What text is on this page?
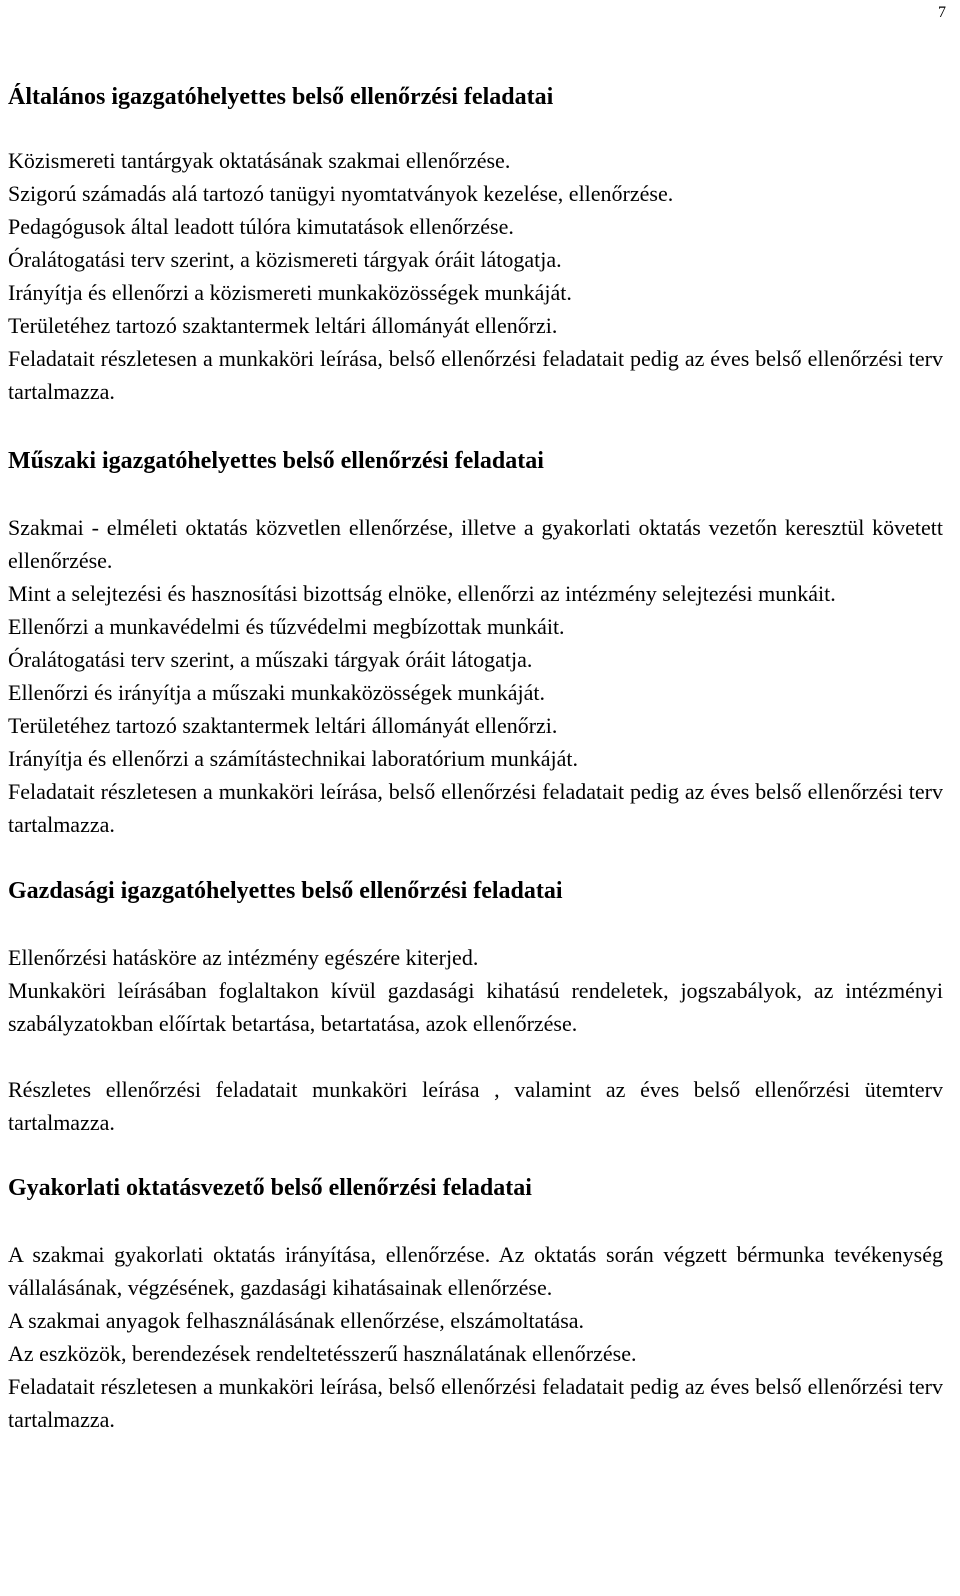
7
Általános igazgatóhelyettes belső ellenőrzési feladatai

Közismereti tantárgyak oktatásának szakmai ellenőrzése.

Szigorú számadás alá tartozó tanügyi nyomtatványok kezelése, ellenőrzése.

Pedagógusok által leadott túlóra kimutatások ellenőrzése.

Óralátogatási terv szerint, a közismereti tárgyak óráit látogatja.

Irányítja és ellenőrzi a közismereti munkaközösségek munkáját.

Területéhez tartozó szaktantermek leltári állományát ellenőrzi.

Feladatait részletesen a munkaköri leírása, belső ellenőrzési feladatait pedig az éves belső ellenőrzési terv tartalmazza.

Műszaki igazgatóhelyettes belső ellenőrzési feladatai

Szakmai - elméleti oktatás közvetlen ellenőrzése, illetve a gyakorlati oktatás vezetőn keresztül követett ellenőrzése.

Mint a selejtezési és hasznosítási bizottság elnöke, ellenőrzi az intézmény selejtezési munkáit.

Ellenőrzi a munkavédelmi és tűzvédelmi megbízottak munkáit.

Óralátogatási terv szerint, a műszaki tárgyak óráit látogatja.

Ellenőrzi és irányítja a műszaki munkaközösségek munkáját.

Területéhez tartozó szaktantermek leltári állományát ellenőrzi.

Irányítja és ellenőrzi a számítástechnikai laboratórium munkáját.

Feladatait részletesen a munkaköri leírása, belső ellenőrzési feladatait pedig az éves belső ellenőrzési terv tartalmazza.

Gazdasági igazgatóhelyettes belső ellenőrzési feladatai

Ellenőrzési hatásköre az intézmény egészére kiterjed.

Munkaköri leírásában foglaltakon kívül gazdasági kihatású rendeletek, jogszabályok, az intézményi szabályzatokban előírtak betartása, betartatása, azok ellenőrzése.

Részletes ellenőrzési feladatait munkaköri leírása , valamint az éves belső ellenőrzési ütemterv tartalmazza.

Gyakorlati oktatásvezető belső ellenőrzési feladatai

A szakmai gyakorlati oktatás irányítása, ellenőrzése. Az oktatás során végzett bérmunka tevékenység vállalásának, végzésének, gazdasági kihatásainak ellenőrzése.

A szakmai anyagok felhasználásának ellenőrzése, elszámoltatása.

Az eszközök, berendezések rendeltetésszerű használatának ellenőrzése.

Feladatait részletesen a munkaköri leírása, belső ellenőrzési feladatait pedig az éves belső ellenőrzési terv tartalmazza.
